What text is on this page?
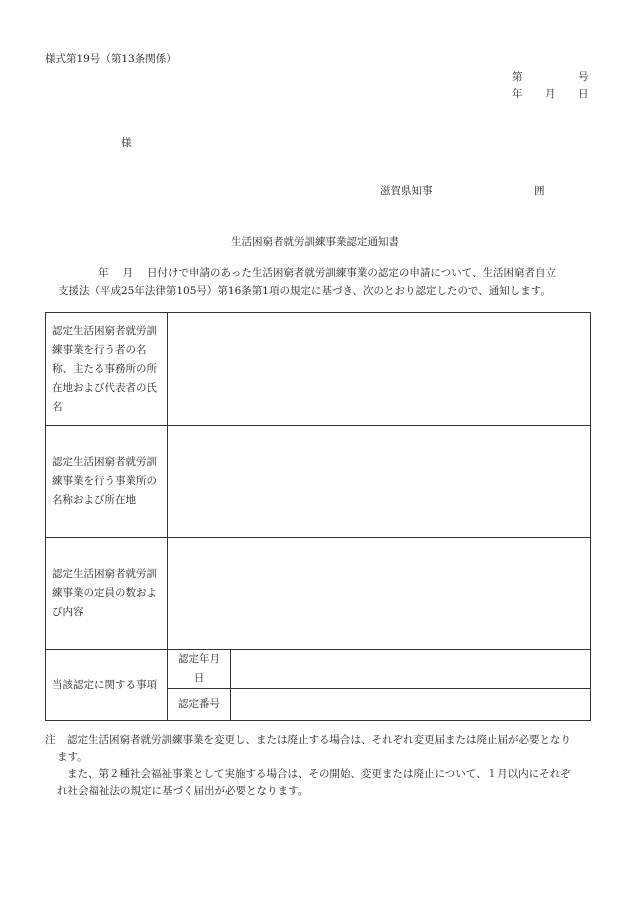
様式第19号（第13条関係）
第	号
年 月 日
様
滋賀県知事	囲
生活困窮者就労訓練事業認定通知書
年 月 日付けで申請のあった生活困窮者就労訓練事業の認定の申請について、生活困窮者自立
支援法（平成25年法律第105号）第16条第1項の規定に基づき、次のとおり認定したので、通知します。
認定生活困窮者就労訓練事業を行う者の名称、主たる事務所の所在地および代表者の氏名		
認定生活困窮者就労訓練事業を行う事業所の名称および所在地		
認定生活困窮者就労訓練事業の定員の数および内容		
当該認定に関する事項	認定年月日	
	認定番号	
注 認定生活困窮者就労訓練事業を変更し、または廃止する場合は、それぞれ変更届または廃止届が必要となり
ます。
また、第２種社会福祉事業として実施する場合は、その開始、変更または廃止について、１月以内にそれぞ
れ社会福祉法の規定に基づく届出が必要となります。
